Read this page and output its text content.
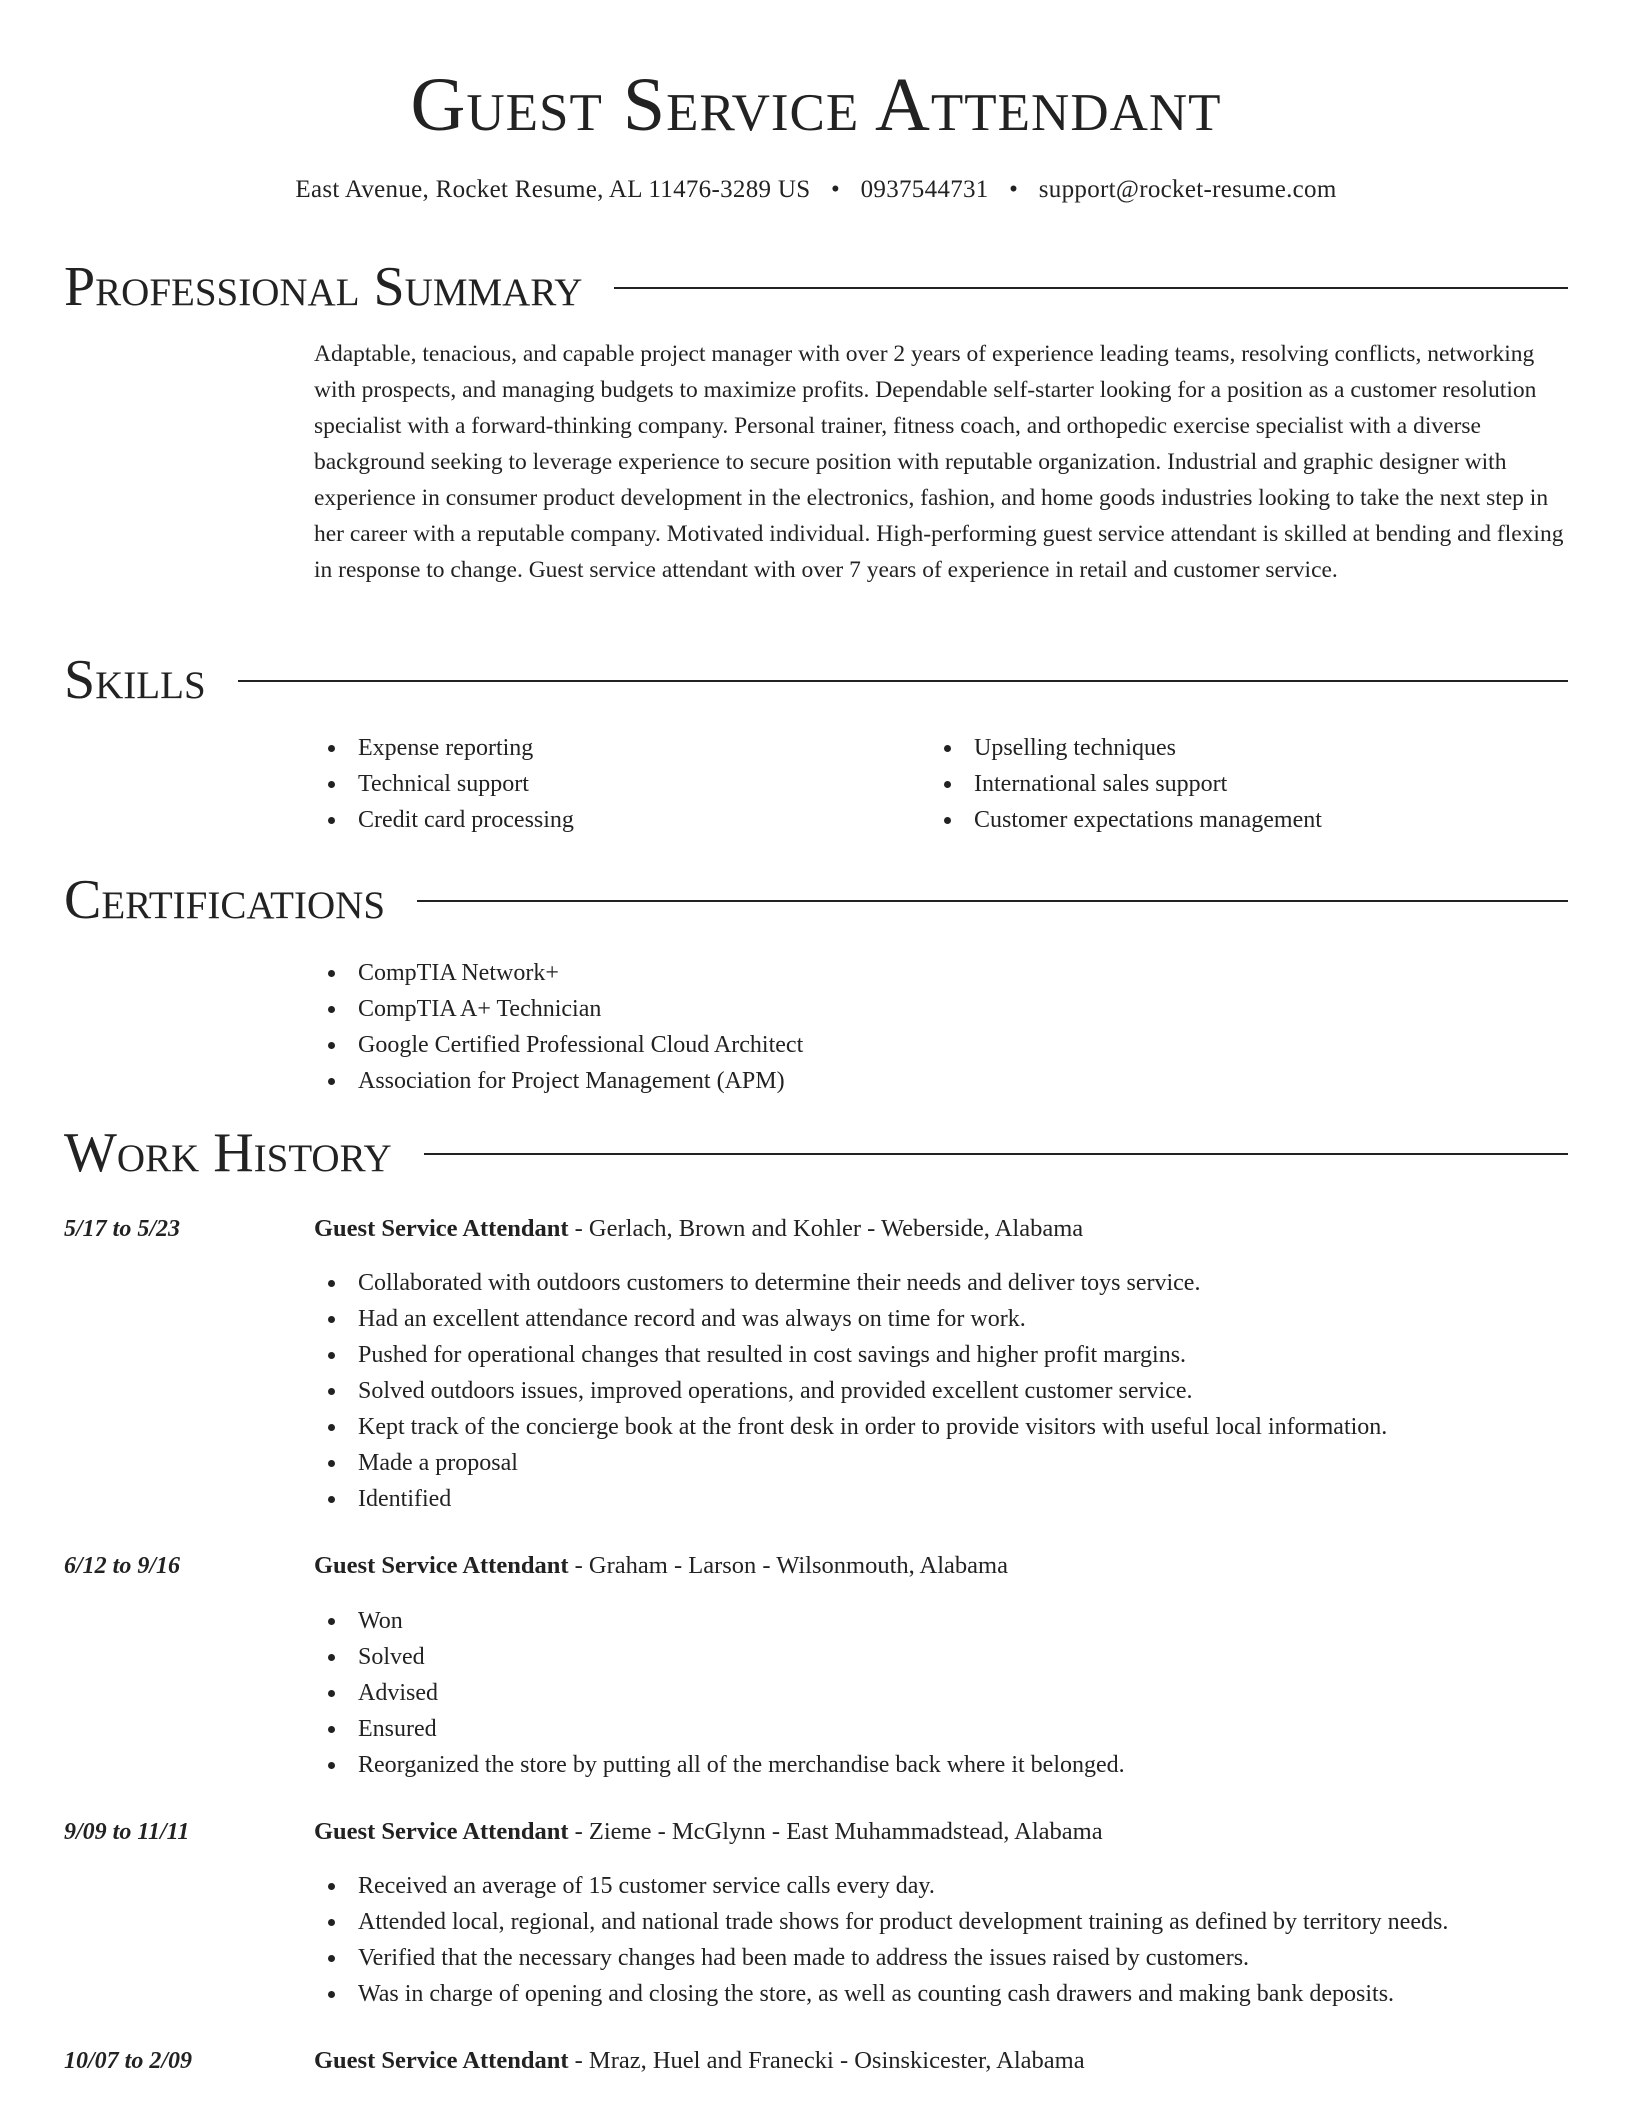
Guest Service Attendant
East Avenue, Rocket Resume, AL 11476-3289 US • 0937544731 • support@rocket-resume.com
Professional Summary

Adaptable, tenacious, and capable project manager with over 2 years of experience leading teams, resolving conflicts, networking with prospects, and managing budgets to maximize profits. Dependable self-starter looking for a position as a customer resolution specialist with a forward-thinking company. Personal trainer, fitness coach, and orthopedic exercise specialist with a diverse background seeking to leverage experience to secure position with reputable organization. Industrial and graphic designer with experience in consumer product development in the electronics, fashion, and home goods industries looking to take the next step in her career with a reputable company. Motivated individual. High-performing guest service attendant is skilled at bending and flexing in response to change. Guest service attendant with over 7 years of experience in retail and customer service.

Skills
Expense reporting
Technical support
Credit card processing
Upselling techniques
International sales support
Customer expectations management
Certifications
CompTIA Network+
CompTIA A+ Technician
Google Certified Professional Cloud Architect
Association for Project Management (APM)
Work History
5/17 to 5/23	Guest Service Attendant - Gerlach, Brown and Kohler - Weberside, Alabama
Collaborated with outdoors customers to determine their needs and deliver toys service.
Had an excellent attendance record and was always on time for work.
Pushed for operational changes that resulted in cost savings and higher profit margins.
Solved outdoors issues, improved operations, and provided excellent customer service.
Kept track of the concierge book at the front desk in order to provide visitors with useful local information.
Made a proposal
Identified
6/12 to 9/16	Guest Service Attendant - Graham - Larson - Wilsonmouth, Alabama
Won
Solved
Advised
Ensured
Reorganized the store by putting all of the merchandise back where it belonged.
9/09 to 11/11	Guest Service Attendant - Zieme - McGlynn - East Muhammadstead, Alabama
Received an average of 15 customer service calls every day.
Attended local, regional, and national trade shows for product development training as defined by territory needs.
Verified that the necessary changes had been made to address the issues raised by customers.
Was in charge of opening and closing the store, as well as counting cash drawers and making bank deposits.
10/07 to 2/09	Guest Service Attendant - Mraz, Huel and Franecki - Osinskicester, Alabama
